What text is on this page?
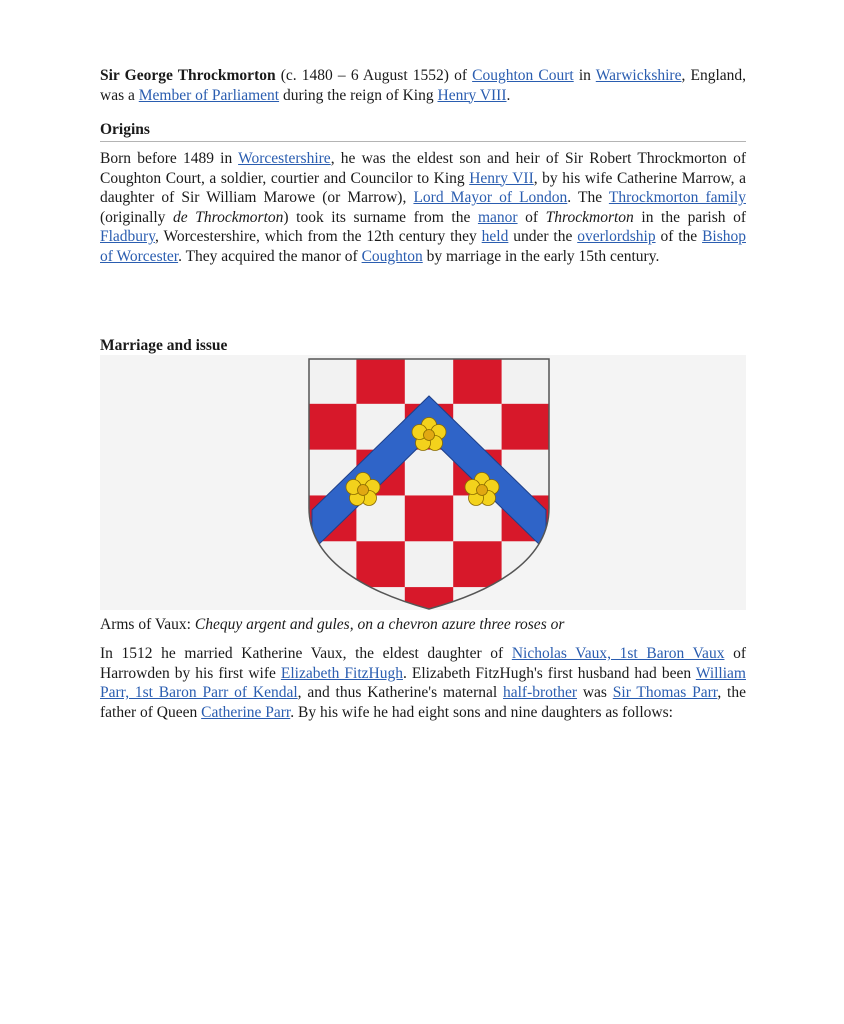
Sir George Throckmorton (c. 1480 – 6 August 1552) of Coughton Court in Warwickshire, England, was a Member of Parliament during the reign of King Henry VIII.

Origins

Born before 1489 in Worcestershire, he was the eldest son and heir of Sir Robert Throckmorton of Coughton Court, a soldier, courtier and Councilor to King Henry VII, by his wife Catherine Marrow, a daughter of Sir William Marowe (or Marrow), Lord Mayor of London. The Throckmorton family (originally de Throckmorton) took its surname from the manor of Throckmorton in the parish of Fladbury, Worcestershire, which from the 12th century they held under the overlordship of the Bishop of Worcester. They acquired the manor of Coughton by marriage in the early 15th century.

Marriage and issue

Arms of Vaux: Chequy argent and gules, on a chevron azure three roses or

In 1512 he married Katherine Vaux, the eldest daughter of Nicholas Vaux, 1st Baron Vaux of Harrowden by his first wife Elizabeth FitzHugh. Elizabeth FitzHugh's first husband had been William Parr, 1st Baron Parr of Kendal, and thus Katherine's maternal half-brother was Sir Thomas Parr, the father of Queen Catherine Parr. By his wife he had eight sons and nine daughters as follows:
